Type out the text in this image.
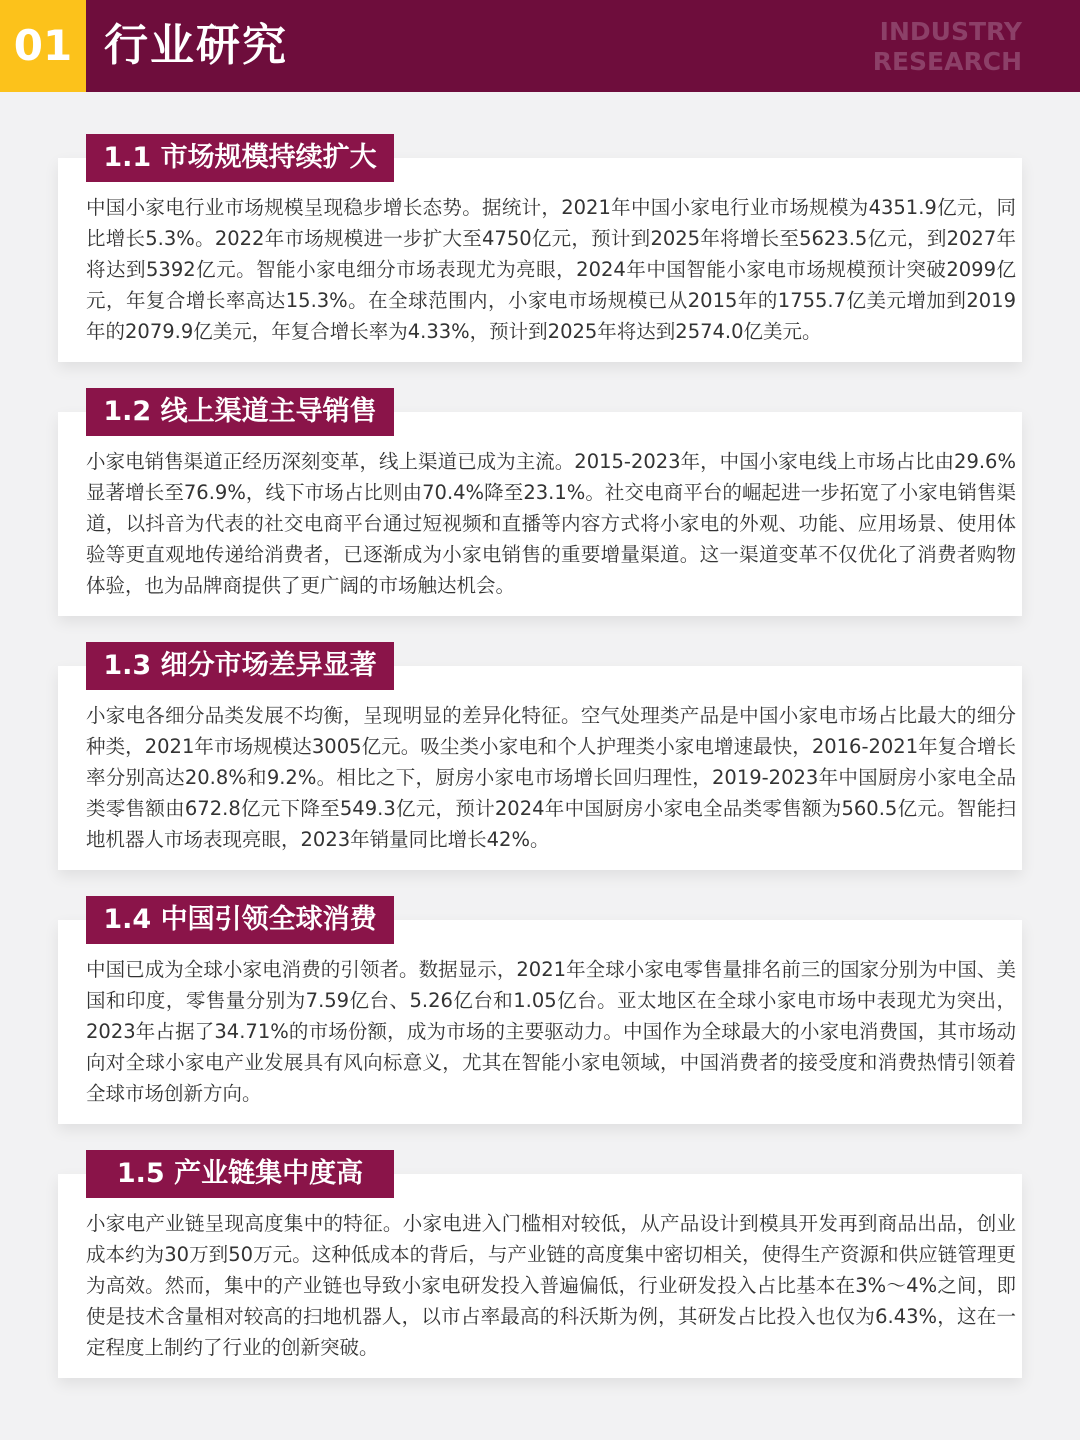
01 行业研究	INDUSTRY
RESEARCH
1.1 市场规模持续扩大

中国小家电行业市场规模呈现稳步增长态势。据统计，2021年中国小家电行业市场规模为4351.9亿元，同比增长5.3%。2022年市场规模进一步扩大至4750亿元，预计到2025年将增长至5623.5亿元，到2027年将达到5392亿元。智能小家电细分市场表现尤为亮眼，2024年中国智能小家电市场规模预计突破2099亿元，年复合增长率高达15.3%。在全球范围内，小家电市场规模已从2015年的1755.7亿美元增加到2019年的2079.9亿美元，年复合增长率为4.33%，预计到2025年将达到2574.0亿美元。

1.2 线上渠道主导销售

小家电销售渠道正经历深刻变革，线上渠道已成为主流。2015-2023年，中国小家电线上市场占比由29.6%显著增长至76.9%，线下市场占比则由70.4%降至23.1%。社交电商平台的崛起进一步拓宽了小家电销售渠道，以抖音为代表的社交电商平台通过短视频和直播等内容方式将小家电的外观、功能、应用场景、使用体验等更直观地传递给消费者，已逐渐成为小家电销售的重要增量渠道。这一渠道变革不仅优化了消费者购物体验，也为品牌商提供了更广阔的市场触达机会。

1.3 细分市场差异显著

小家电各细分品类发展不均衡，呈现明显的差异化特征。空气处理类产品是中国小家电市场占比最大的细分种类，2021年市场规模达3005亿元。吸尘类小家电和个人护理类小家电增速最快，2016-2021年复合增长率分别高达20.8%和9.2%。相比之下，厨房小家电市场增长回归理性，2019-2023年中国厨房小家电全品类零售额由672.8亿元下降至549.3亿元，预计2024年中国厨房小家电全品类零售额为560.5亿元。智能扫地机器人市场表现亮眼，2023年销量同比增长42%。

1.4 中国引领全球消费

中国已成为全球小家电消费的引领者。数据显示，2021年全球小家电零售量排名前三的国家分别为中国、美国和印度，零售量分别为7.59亿台、5.26亿台和1.05亿台。亚太地区在全球小家电市场中表现尤为突出，2023年占据了34.71%的市场份额，成为市场的主要驱动力。中国作为全球最大的小家电消费国，其市场动向对全球小家电产业发展具有风向标意义，尤其在智能小家电领域，中国消费者的接受度和消费热情引领着全球市场创新方向。

1.5 产业链集中度高

小家电产业链呈现高度集中的特征。小家电进入门槛相对较低，从产品设计到模具开发再到商品出品，创业成本约为30万到50万元。这种低成本的背后，与产业链的高度集中密切相关，使得生产资源和供应链管理更为高效。然而，集中的产业链也导致小家电研发投入普遍偏低，行业研发投入占比基本在3%～4%之间，即使是技术含量相对较高的扫地机器人，以市占率最高的科沃斯为例，其研发占比投入也仅为6.43%，这在一定程度上制约了行业的创新突破。
